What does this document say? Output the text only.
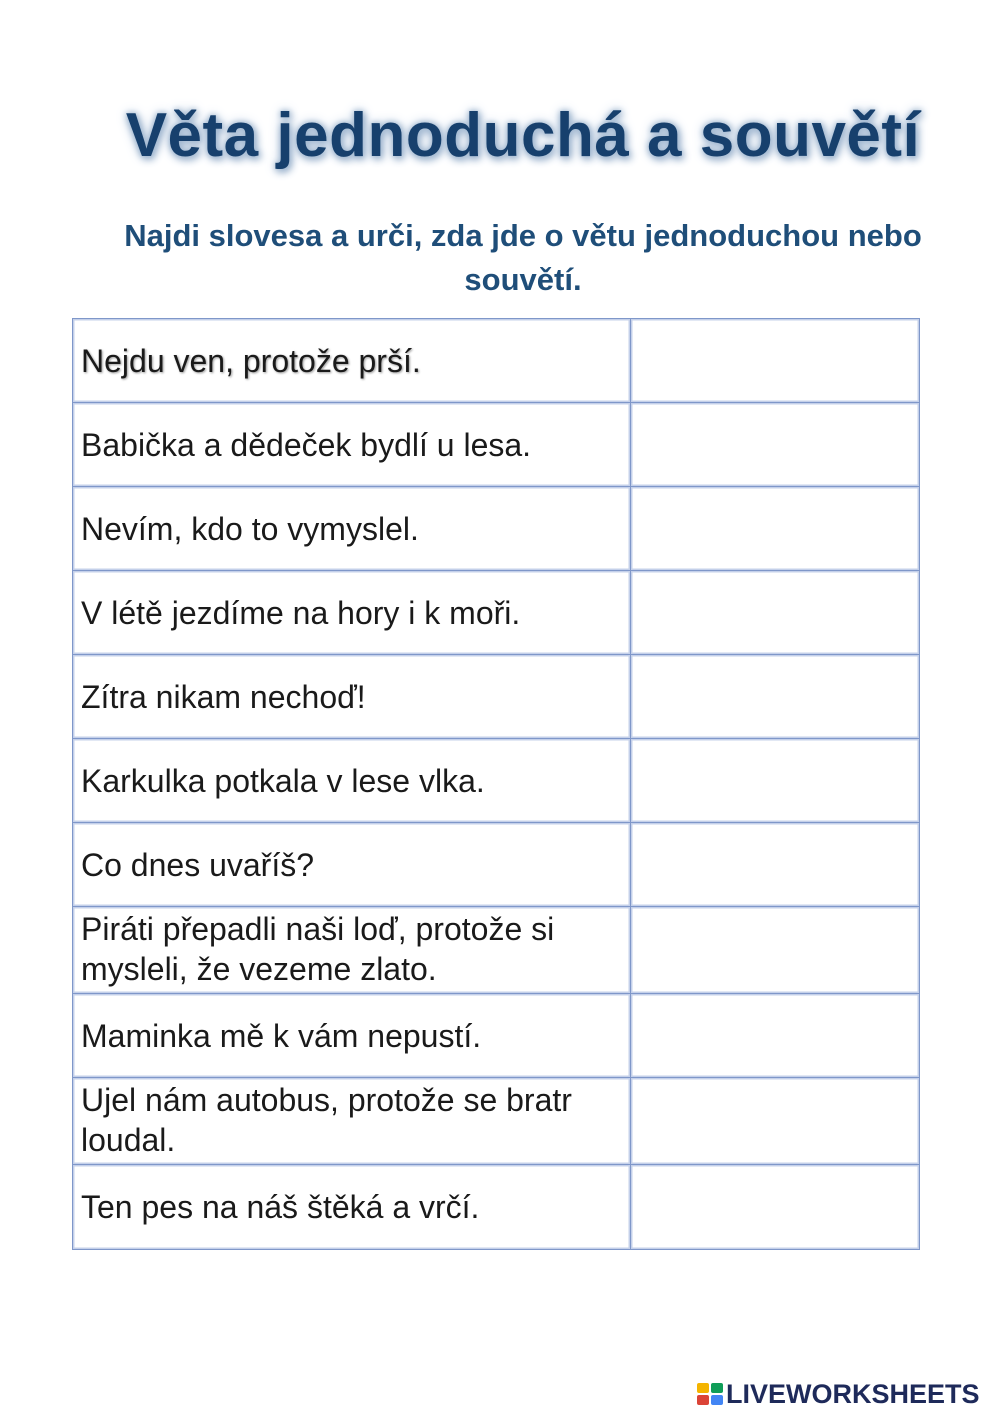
Věta jednoduchá a souvětí

Najdi slovesa a urči, zda jde o větu jednoduchou nebo souvětí.

Nejdu ven, protože prší.
Babička a dědeček bydlí u lesa.
Nevím, kdo to vymyslel.
V létě jezdíme na hory i k moři.
Zítra nikam nechoď!
Karkulka potkala v lese vlka.
Co dnes uvaříš?
Piráti přepadli naši loď, protože si mysleli, že vezeme zlato.
Maminka mě k vám nepustí.
Ujel nám autobus, protože se bratr loudal.
Ten pes na náš štěká a vrčí.
LIVEWORKSHEETS
